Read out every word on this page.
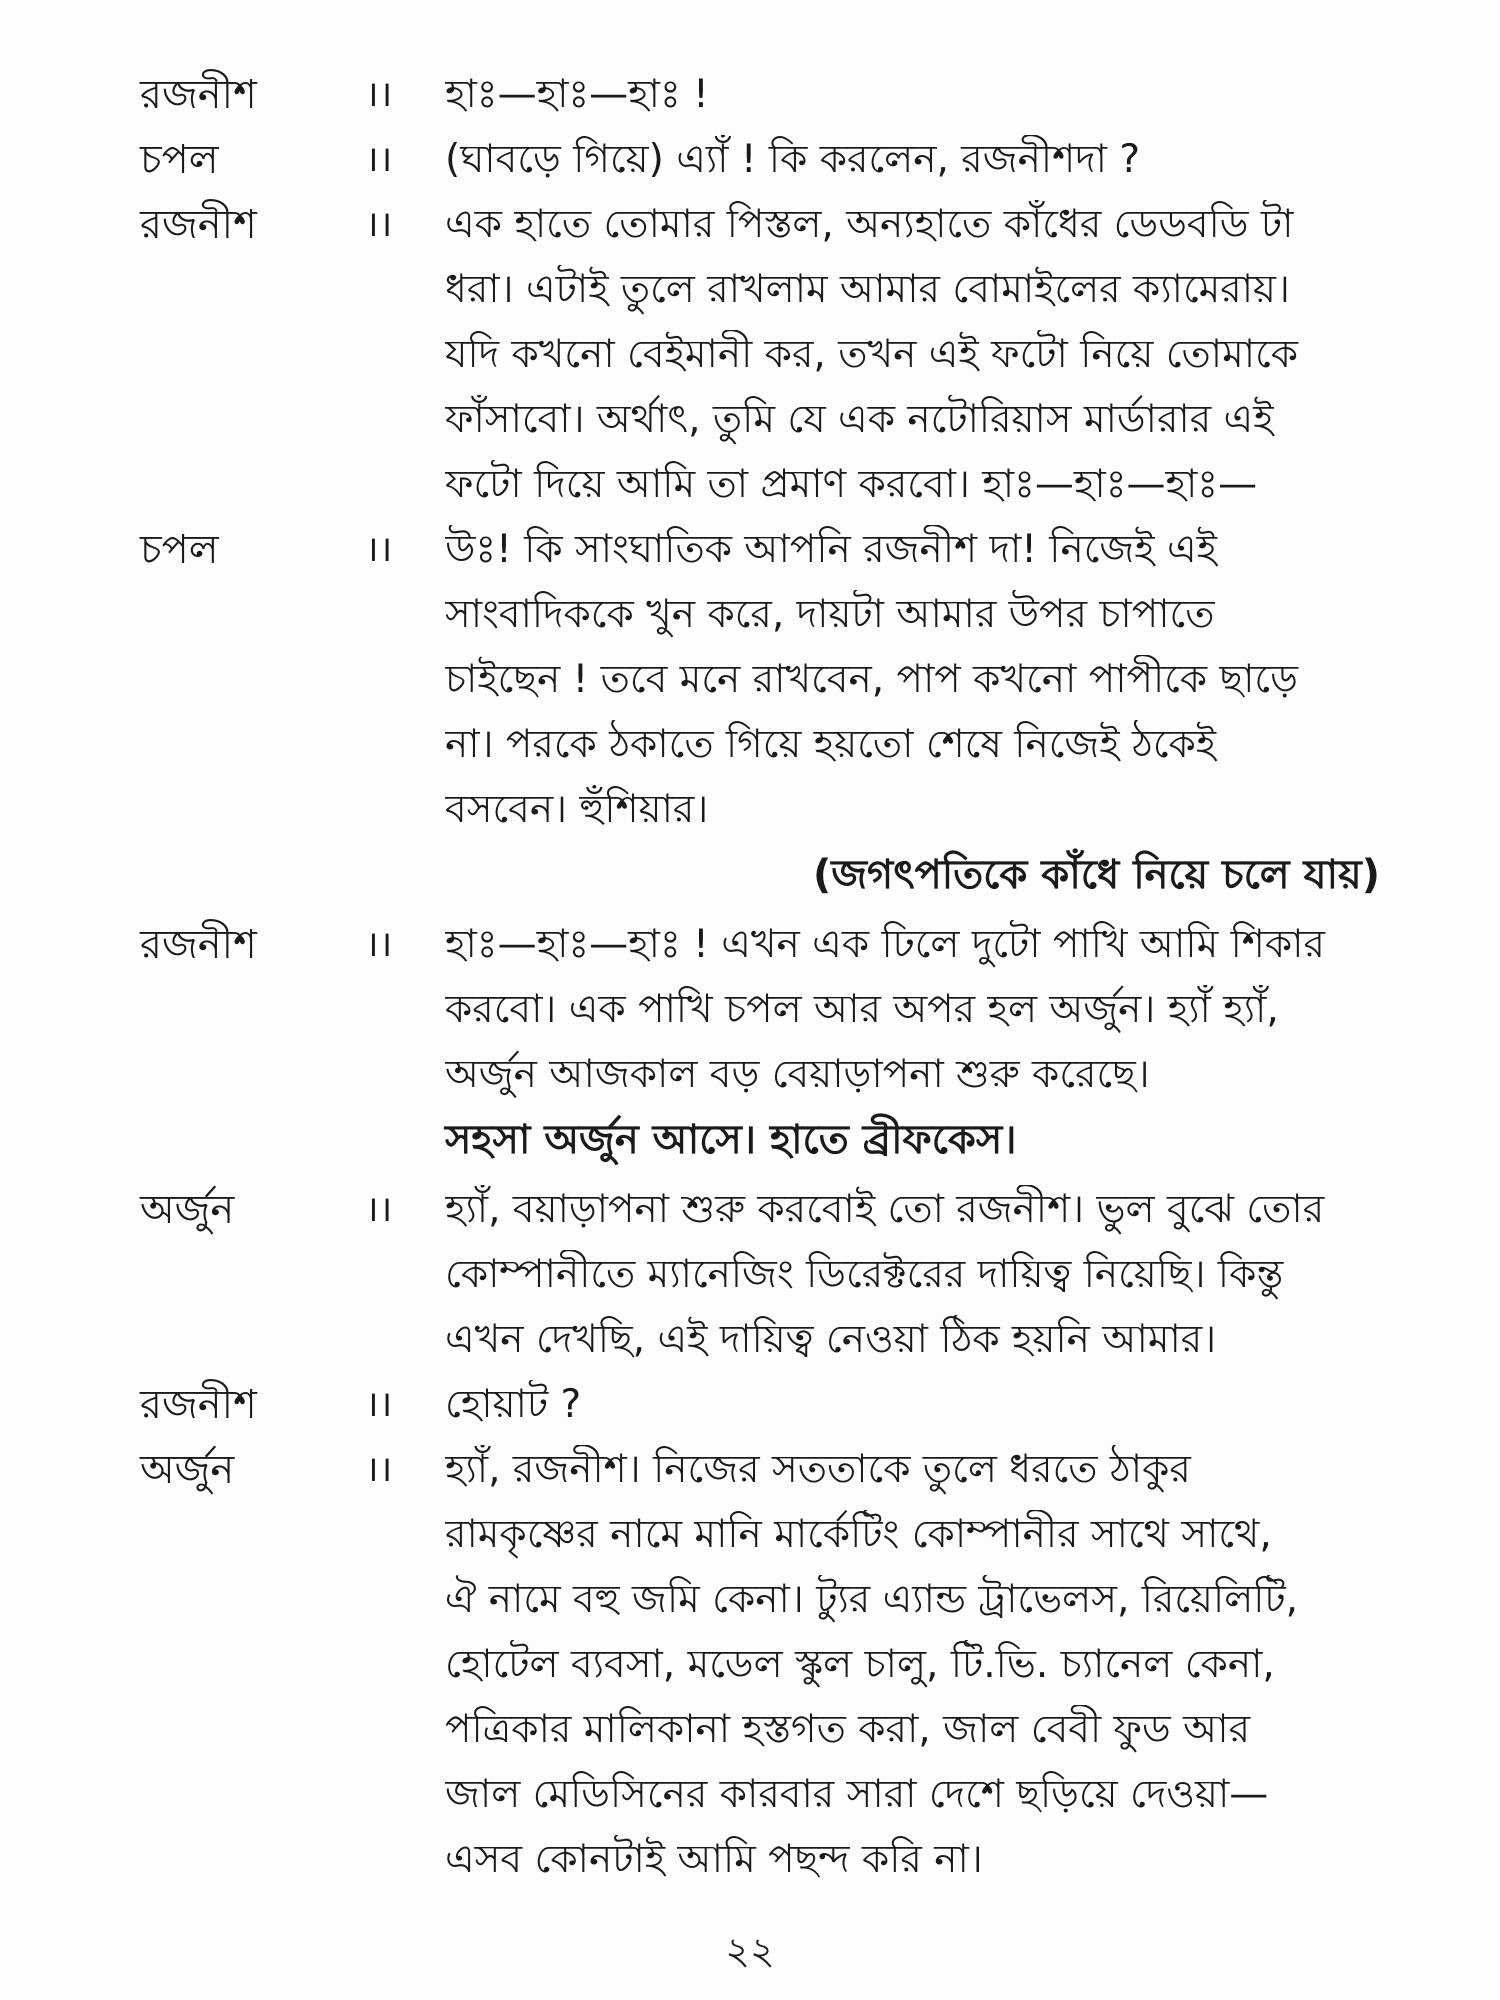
রজনীশ	।। হাঃ—হাঃ—হাঃ !
চপল	।। (ঘাবড়ে গিয়ে) এ্যাঁ ! কি করলেন, রজনীশদা ?
রজনীশ	।। এক হাতে তোমার পিস্তল, অন্যহাতে কাঁধের ডেডবডি টা
ধরা। এটাই তুলে রাখলাম আমার বোমাইলের ক্যামেরায়।
যদি কখনো বেইমানী কর, তখন এই ফটো নিয়ে তোমাকে
ফাঁসাবো। অর্থাৎ, তুমি যে এক নটোরিয়াস মার্ডারার এই
ফটো দিয়ে আমি তা প্রমাণ করবো। হাঃ—হাঃ—হাঃ—
চপল	।। উঃ! কি সাংঘাতিক আপনি রজনীশ দা! নিজেই এই
সাংবাদিককে খুন করে, দায়টা আমার উপর চাপাতে
চাইছেন ! তবে মনে রাখবেন, পাপ কখনো পাপীকে ছাড়ে
না। পরকে ঠকাতে গিয়ে হয়তো শেষে নিজেই ঠকেই
বসবেন। হুঁশিয়ার।
(জগৎপতিকে কাঁধে নিয়ে চলে যায়)
রজনীশ	।। হাঃ—হাঃ—হাঃ ! এখন এক ঢিলে দুটো পাখি আমি শিকার
করবো। এক পাখি চপল আর অপর হল অর্জুন। হ্যাঁ হ্যাঁ,
অর্জুন আজকাল বড় বেয়াড়াপনা শুরু করেছে।
সহসা অর্জুন আসে। হাতে ব্রীফকেস।
অর্জুন	।। হ্যাঁ, বয়াড়াপনা শুরু করবোই তো রজনীশ। ভুল বুঝে তোর
কোম্পানীতে ম্যানেজিং ডিরেক্টরের দায়িত্ব নিয়েছি। কিন্তু
এখন দেখছি, এই দায়িত্ব নেওয়া ঠিক হয়নি আমার।
রজনীশ	।। হোয়াট ?
অর্জুন	।। হ্যাঁ, রজনীশ। নিজের সততাকে তুলে ধরতে ঠাকুর
রামকৃষ্ণের নামে মানি মার্কেটিং কোম্পানীর সাথে সাথে,
ঐ নামে বহু জমি কেনা। ট্যুর এ্যান্ড ট্রাভেলস, রিয়েলিটি,
হোটেল ব্যবসা, মডেল স্কুল চালু, টি.ভি. চ্যানেল কেনা,
পত্রিকার মালিকানা হস্তগত করা, জাল বেবী ফুড আর
জাল মেডিসিনের কারবার সারা দেশে ছড়িয়ে দেওয়া—
এসব কোনটাই আমি পছন্দ করি না।
২২
